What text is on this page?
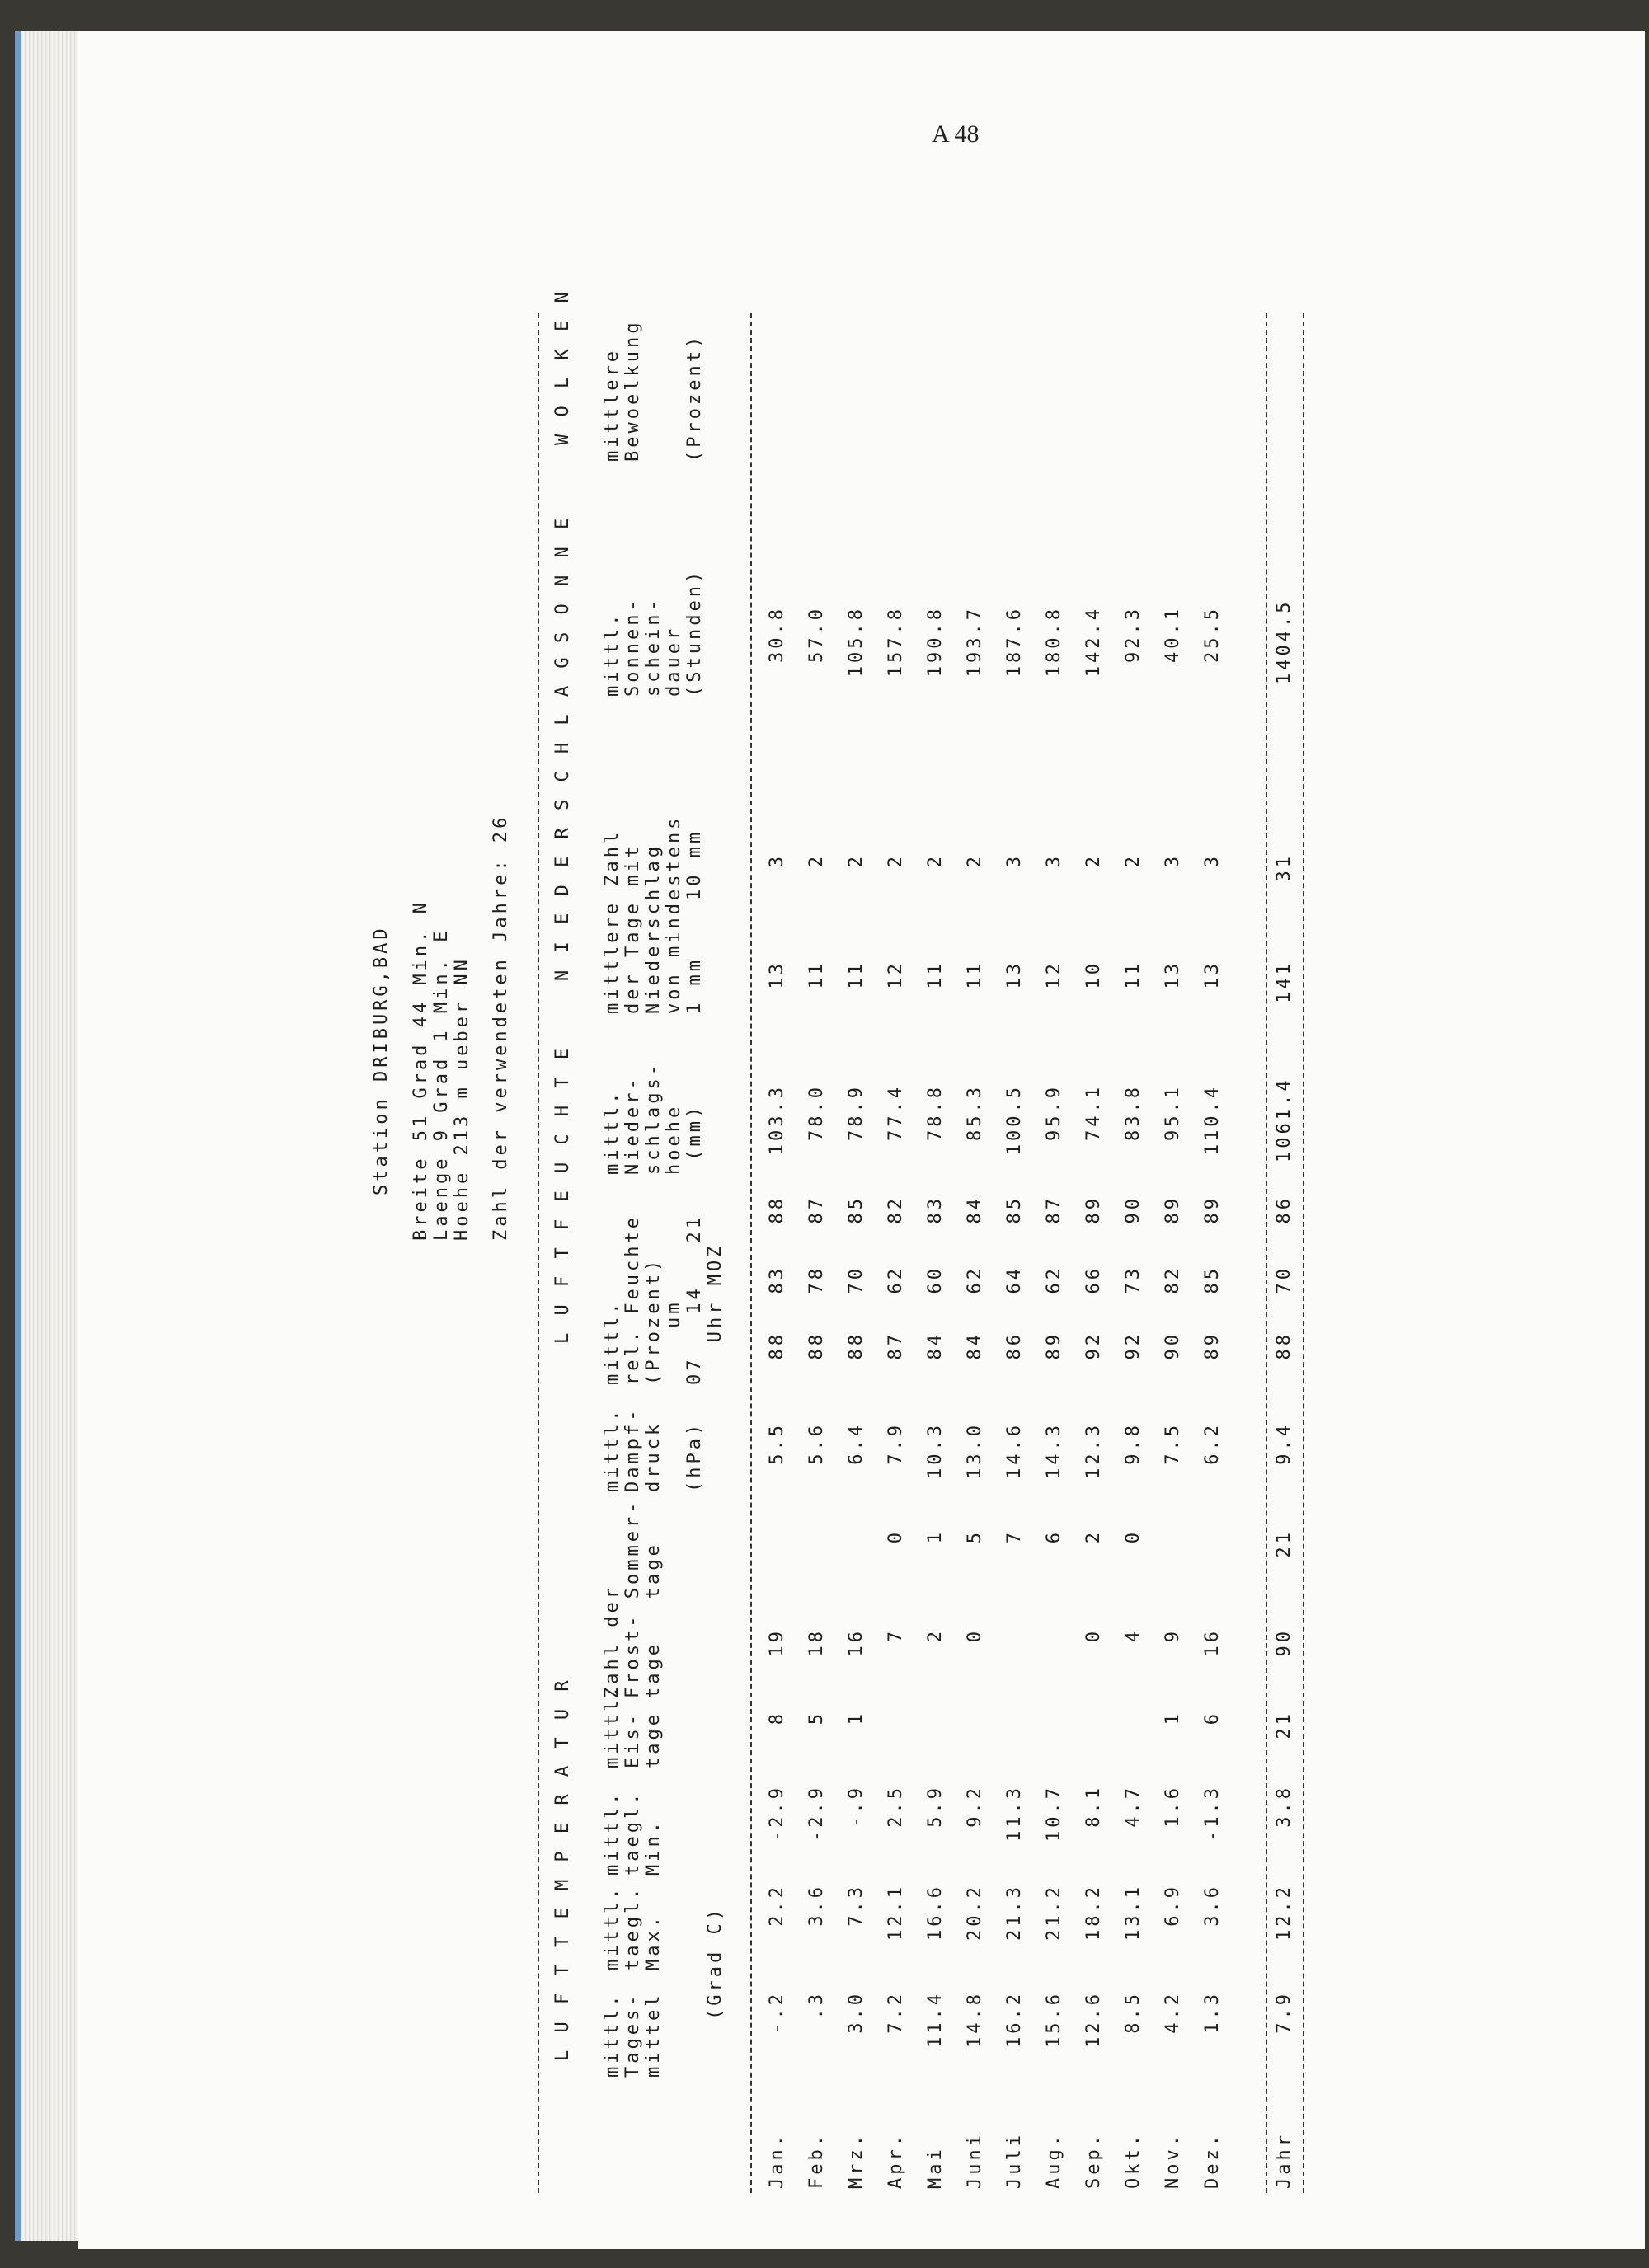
A 48
Station DRIBURG,BAD Breite 51 Grad 44 Min. N Laenge 9 Grad 1 Min. E Hoehe 213 m ueber NN Zahl der verwendeten Jahre: 26
L U F T T E M P E R A T U R
L U F T F E U C H T E
N I E D E R S C H L A G
S O N N E
W O L K E N
mittl.
Tages-
mittel
mittl.
taegl.
Max.
mittl.
taegl.
Min.
mittl.
Eis-
tage
Zahl der
Frost- Sommer-
tage   tage
mittl.
Dampf-
druck

(hPa)
mittl.
rel. Feuchte
(Prozent)
um
07   14   21
Uhr MOZ
mittl.
Nieder-
schlags-
hoehe
(mm)
mittlere Zahl
der Tage mit
Niederschlag
von mindestens
1 mm    10 mm
mittl.
Sonnen-
schein-
dauer
(Stunden)
mittlere
Bewoelkung

(Prozent)
(Grad C)
Jan.
-.2
2.2
-2.9
8
19
5.5
88
83
88
103.3
13
3
30.8
Feb.
.3
3.6
-2.9
5
18
5.6
88
78
87
78.0
11
2
57.0
Mrz.
3.0
7.3
-.9
1
16
6.4
88
70
85
78.9
11
2
105.8
Apr.
7.2
12.1
2.5
7
0
7.9
87
62
82
77.4
12
2
157.8
Mai
11.4
16.6
5.9
2
1
10.3
84
60
83
78.8
11
2
190.8
Juni
14.8
20.2
9.2
0
5
13.0
84
62
84
85.3
11
2
193.7
Juli
16.2
21.3
11.3
7
14.6
86
64
85
100.5
13
3
187.6
Aug.
15.6
21.2
10.7
6
14.3
89
62
87
95.9
12
3
180.8
Sep.
12.6
18.2
8.1
0
2
12.3
92
66
89
74.1
10
2
142.4
Okt.
8.5
13.1
4.7
4
0
9.8
92
73
90
83.8
11
2
92.3
Nov.
4.2
6.9
1.6
1
9
7.5
90
82
89
95.1
13
3
40.1
Dez.
1.3
3.6
-1.3
6
16
6.2
89
85
89
110.4
13
3
25.5
Jahr
7.9
12.2
3.8
21
90
21
9.4
88
70
86
1061.4
141
31
1404.5
